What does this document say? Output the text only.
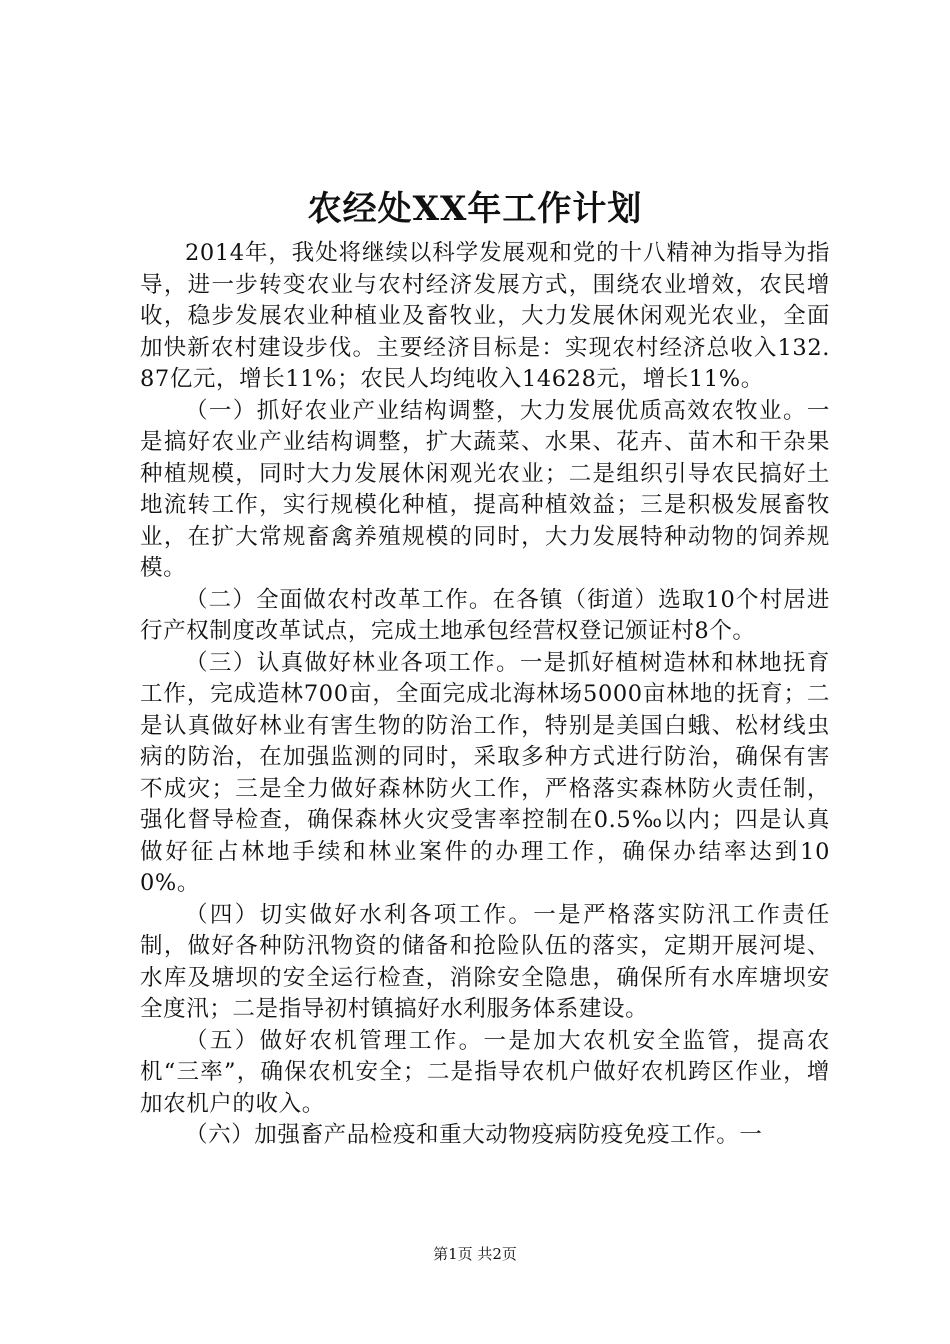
农经处XX年工作计划

2014年，我处将继续以科学发展观和党的十八精神为指导为指导，进一步转变农业与农村经济发展方式，围绕农业增效，农民增收，稳步发展农业种植业及畜牧业，大力发展休闲观光农业，全面加快新农村建设步伐。主要经济目标是：实现农村经济总收入132.87亿元，增长11%；农民人均纯收入14628元，增长11%。

（一）抓好农业产业结构调整，大力发展优质高效农牧业。一是搞好农业产业结构调整，扩大蔬菜、水果、花卉、苗木和干杂果种植规模，同时大力发展休闲观光农业；二是组织引导农民搞好土地流转工作，实行规模化种植，提高种植效益；三是积极发展畜牧业，在扩大常规畜禽养殖规模的同时，大力发展特种动物的饲养规模。

（二）全面做农村改革工作。在各镇（街道）选取10个村居进行产权制度改革试点，完成土地承包经营权登记颁证村8个。

（三）认真做好林业各项工作。一是抓好植树造林和林地抚育工作，完成造林700亩，全面完成北海林场5000亩林地的抚育；二是认真做好林业有害生物的防治工作，特别是美国白蛾、松材线虫病的防治，在加强监测的同时，采取多种方式进行防治，确保有害不成灾；三是全力做好森林防火工作，严格落实森林防火责任制，强化督导检查，确保森林火灾受害率控制在0.5‰以内；四是认真做好征占林地手续和林业案件的办理工作，确保办结率达到100%。

（四）切实做好水利各项工作。一是严格落实防汛工作责任制，做好各种防汛物资的储备和抢险队伍的落实，定期开展河堤、水库及塘坝的安全运行检查，消除安全隐患，确保所有水库塘坝安全度汛；二是指导初村镇搞好水利服务体系建设。

（五）做好农机管理工作。一是加大农机安全监管，提高农机“三率”，确保农机安全；二是指导农机户做好农机跨区作业，增加农机户的收入。

（六）加强畜产品检疫和重大动物疫病防疫免疫工作。一

第1页 共2页
